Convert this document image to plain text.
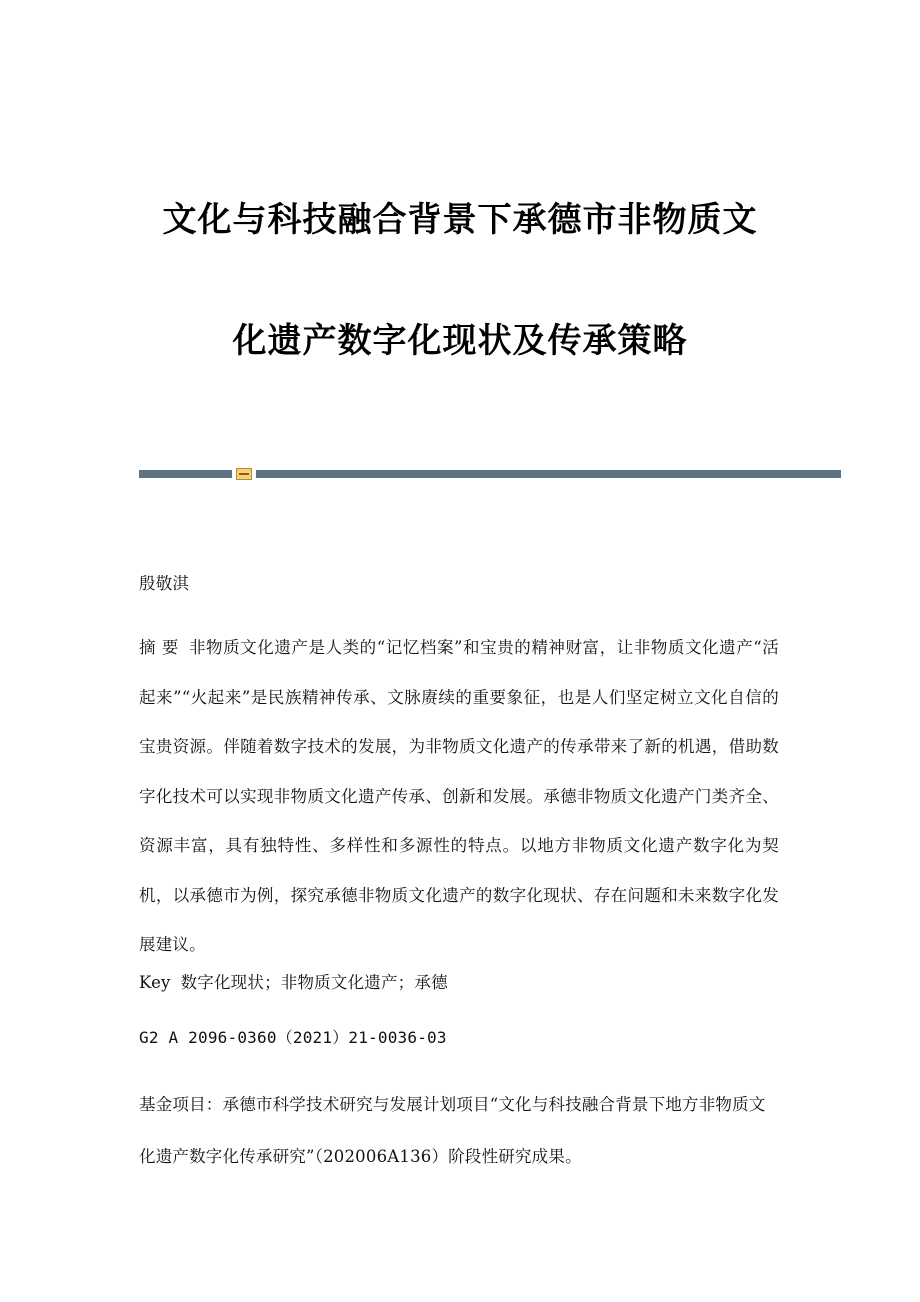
文化与科技融合背景下承德市非物质文
化遗产数字化现状及传承策略
殷敬淇
摘 要 非物质文化遗产是人类的“记忆档案”和宝贵的精神财富，让非物质文化遗产“活起来”“火起来”是民族精神传承、文脉赓续的重要象征，也是人们坚定树立文化自信的宝贵资源。伴随着数字技术的发展，为非物质文化遗产的传承带来了新的机遇，借助数字化技术可以实现非物质文化遗产传承、创新和发展。承德非物质文化遗产门类齐全、资源丰富，具有独特性、多样性和多源性的特点。以地方非物质文化遗产数字化为契机，以承德市为例，探究承德非物质文化遗产的数字化现状、存在问题和未来数字化发展建议。
Key 数字化现状；非物质文化遗产；承德
G2 A 2096-0360（2021）21-0036-03
基金项目：承德市科学技术研究与发展计划项目“文化与科技融合背景下地方非物质文化遗产数字化传承研究”（202006A136）阶段性研究成果。
